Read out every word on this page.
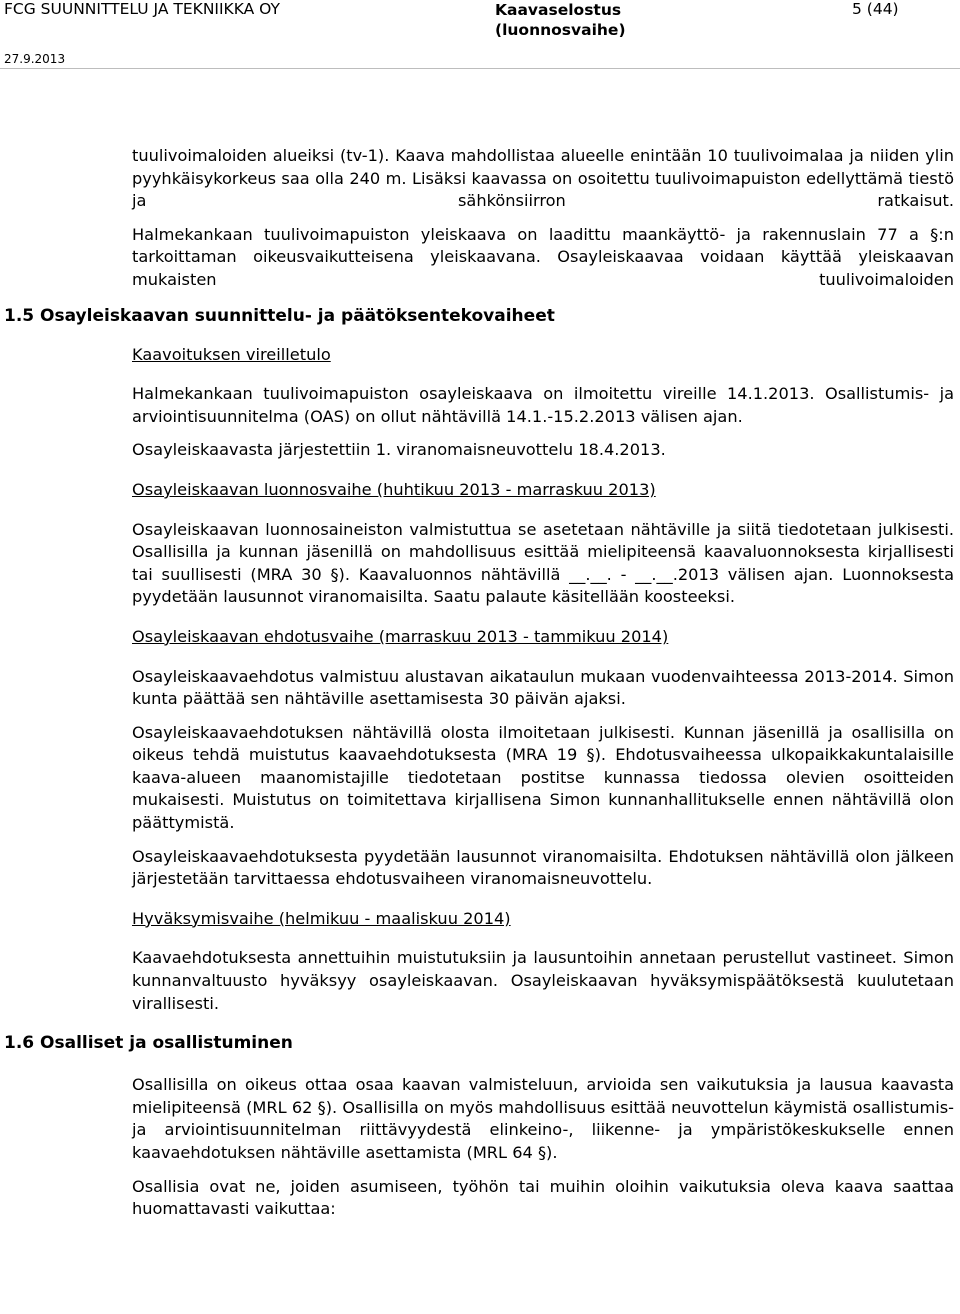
FCG SUUNNITTELU JA TEKNIIKKA OY	Kaavaselostus
(luonnosvaihe)
5 (44)
27.9.2013

tuulivoimaloiden alueiksi (tv-1). Kaava mahdollistaa alueelle enintään 10 tuulivoimalaa ja niiden ylin pyyhkäisykorkeus saa olla 240 m. Lisäksi kaavassa on osoitettu tuulivoimapuiston edellyttämä tiestö ja sähkönsiirron ratkaisut.

Halmekankaan tuulivoimapuiston yleiskaava on laadittu maankäyttö- ja rakennuslain 77 a §:n tarkoittaman oikeusvaikutteisena yleiskaavana. Osayleiskaavaa voidaan käyttää yleiskaavan mukaisten tuulivoimaloiden

1.5 Osayleiskaavan suunnittelu- ja päätöksentekovaiheet

Kaavoituksen vireilletulo

Halmekankaan tuulivoimapuiston osayleiskaava on ilmoitettu vireille 14.1.2013. Osallistumis- ja arviointisuunnitelma (OAS) on ollut nähtävillä 14.1.-15.2.2013 välisen ajan.

Osayleiskaavasta järjestettiin 1. viranomaisneuvottelu 18.4.2013.

Osayleiskaavan luonnosvaihe (huhtikuu 2013 - marraskuu 2013)

Osayleiskaavan luonnosaineiston valmistuttua se asetetaan nähtäville ja siitä tiedotetaan julkisesti. Osallisilla ja kunnan jäsenillä on mahdollisuus esittää mielipiteensä kaavaluonnoksesta kirjallisesti tai suullisesti (MRA 30 §). Kaavaluonnos nähtävillä __.__. - __.__.2013 välisen ajan. Luonnoksesta pyydetään lausunnot viranomaisilta. Saatu palaute käsitellään koosteeksi.

Osayleiskaavan ehdotusvaihe (marraskuu 2013 - tammikuu 2014)

Osayleiskaavaehdotus valmistuu alustavan aikataulun mukaan vuodenvaihteessa 2013-2014. Simon kunta päättää sen nähtäville asettamisesta 30 päivän ajaksi.

Osayleiskaavaehdotuksen nähtävillä olosta ilmoitetaan julkisesti. Kunnan jäsenillä ja osallisilla on oikeus tehdä muistutus kaavaehdotuksesta (MRA 19 §). Ehdotusvaiheessa ulkopaikkakuntalaisille kaava-alueen maanomistajille tiedotetaan postitse kunnassa tiedossa olevien osoitteiden mukaisesti. Muistutus on toimitettava kirjallisena Simon kunnanhallitukselle ennen nähtävillä olon päättymistä.

Osayleiskaavaehdotuksesta pyydetään lausunnot viranomaisilta. Ehdotuksen nähtävillä olon jälkeen järjestetään tarvittaessa ehdotusvaiheen viranomaisneuvottelu.

Hyväksymisvaihe (helmikuu - maaliskuu 2014)

Kaavaehdotuksesta annettuihin muistutuksiin ja lausuntoihin annetaan perustellut vastineet. Simon kunnanvaltuusto hyväksyy osayleiskaavan. Osayleiskaavan hyväksymispäätöksestä kuulutetaan virallisesti.

1.6 Osalliset ja osallistuminen

Osallisilla on oikeus ottaa osaa kaavan valmisteluun, arvioida sen vaikutuksia ja lausua kaavasta mielipiteensä (MRL 62 §). Osallisilla on myös mahdollisuus esittää neuvottelun käymistä osallistumis- ja arviointisuunnitelman riittävyydestä elinkeino-, liikenne- ja ympäristökeskukselle ennen kaavaehdotuksen nähtäville asettamista (MRL 64 §).

Osallisia ovat ne, joiden asumiseen, työhön tai muihin oloihin vaikutuksia oleva kaava saattaa huomattavasti vaikuttaa:
